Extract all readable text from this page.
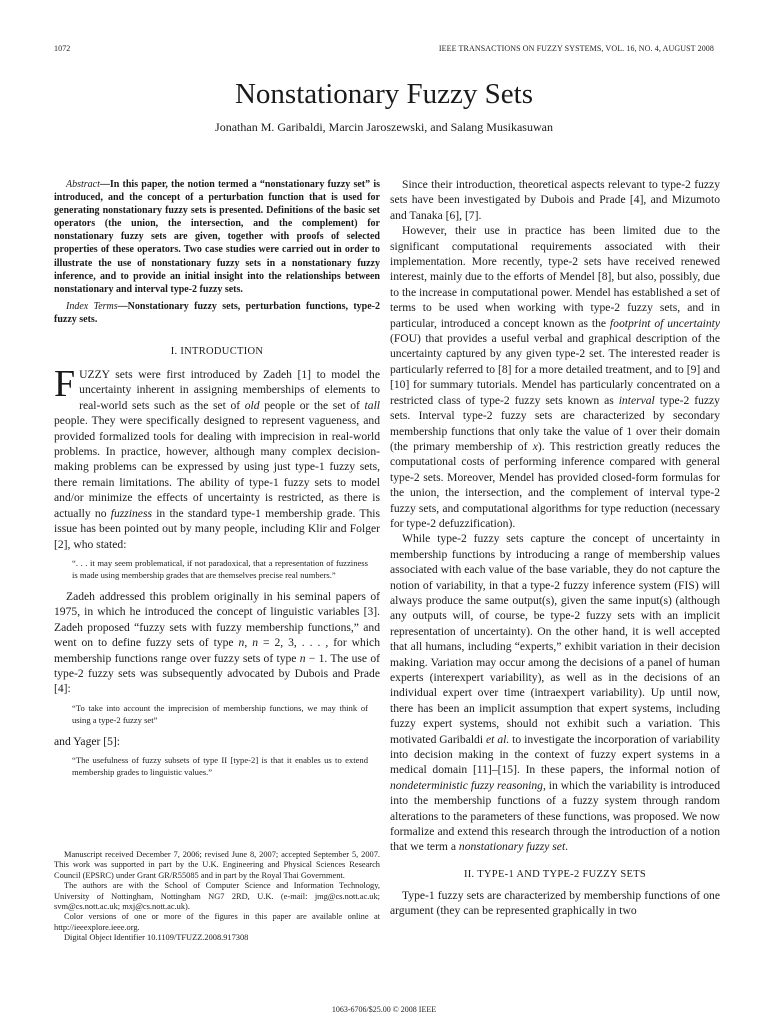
1072	IEEE TRANSACTIONS ON FUZZY SYSTEMS, VOL. 16, NO. 4, AUGUST 2008
Nonstationary Fuzzy Sets
Jonathan M. Garibaldi, Marcin Jaroszewski, and Salang Musikasuwan

Abstract—In this paper, the notion termed a “nonstationary fuzzy set” is introduced, and the concept of a perturbation function that is used for generating nonstationary fuzzy sets is presented. Definitions of the basic set operators (the union, the intersection, and the complement) for nonstationary fuzzy sets are given, together with proofs of selected properties of these operators. Two case studies were carried out in order to illustrate the use of nonstationary fuzzy sets in a nonstationary fuzzy inference, and to provide an initial insight into the relationships between nonstationary and interval type-2 fuzzy sets.

Index Terms—Nonstationary fuzzy sets, perturbation functions, type-2 fuzzy sets.

I. INTRODUCTION

FUZZY sets were first introduced by Zadeh [1] to model the uncertainty inherent in assigning memberships of elements to real-world sets such as the set of old people or the set of tall people. They were specifically designed to represent vagueness, and provided formalized tools for dealing with imprecision in real-world problems. In practice, however, although many complex decision-making problems can be expressed by using just type-1 fuzzy sets, there remain limitations. The ability of type-1 fuzzy sets to model and/or minimize the effects of uncertainty is restricted, as there is actually no fuzziness in the standard type-1 membership grade. This issue has been pointed out by many people, including Klir and Folger [2], who stated:

“. . . it may seem problematical, if not paradoxical, that a representation of fuzziness is made using membership grades that are themselves precise real numbers.”

Zadeh addressed this problem originally in his seminal papers of 1975, in which he introduced the concept of linguistic variables [3]. Zadeh proposed “fuzzy sets with fuzzy membership functions,” and went on to define fuzzy sets of type n, n = 2, 3, . . . , for which membership functions range over fuzzy sets of type n − 1. The use of type-2 fuzzy sets was subsequently advocated by Dubois and Prade [4]:

“To take into account the imprecision of membership functions, we may think of using a type-2 fuzzy set”

and Yager [5]:

“The usefulness of fuzzy subsets of type II [type-2] is that it enables us to extend membership grades to linguistic values.”

Manuscript received December 7, 2006; revised June 8, 2007; accepted September 5, 2007. This work was supported in part by the U.K. Engineering and Physical Sciences Research Council (EPSRC) under Grant GR/R55085 and in part by the Royal Thai Government.

The authors are with the School of Computer Science and Information Technology, University of Nottingham, Nottingham NG7 2RD, U.K. (e-mail: jmg@cs.nott.ac.uk; svm@cs.nott.ac.uk; mxj@cs.nott.ac.uk).

Color versions of one or more of the figures in this paper are available online at http://ieeexplore.ieee.org.

Digital Object Identifier 10.1109/TFUZZ.2008.917308

Since their introduction, theoretical aspects relevant to type-2 fuzzy sets have been investigated by Dubois and Prade [4], and Mizumoto and Tanaka [6], [7].

However, their use in practice has been limited due to the significant computational requirements associated with their implementation. More recently, type-2 sets have received renewed interest, mainly due to the efforts of Mendel [8], but also, possibly, due to the increase in computational power. Mendel has established a set of terms to be used when working with type-2 fuzzy sets, and in particular, introduced a concept known as the footprint of uncertainty (FOU) that provides a useful verbal and graphical description of the uncertainty captured by any given type-2 set. The interested reader is particularly referred to [8] for a more detailed treatment, and to [9] and [10] for summary tutorials. Mendel has particularly concentrated on a restricted class of type-2 fuzzy sets known as interval type-2 fuzzy sets. Interval type-2 fuzzy sets are characterized by secondary membership functions that only take the value of 1 over their domain (the primary membership of x). This restriction greatly reduces the computational costs of performing inference compared with general type-2 sets. Moreover, Mendel has provided closed-form formulas for the union, the intersection, and the complement of interval type-2 fuzzy sets, and computational algorithms for type reduction (necessary for type-2 defuzzification).

While type-2 fuzzy sets capture the concept of uncertainty in membership functions by introducing a range of membership values associated with each value of the base variable, they do not capture the notion of variability, in that a type-2 fuzzy inference system (FIS) will always produce the same output(s), given the same input(s) (although any outputs will, of course, be type-2 fuzzy sets with an implicit representation of uncertainty). On the other hand, it is well accepted that all humans, including “experts,” exhibit variation in their decision making. Variation may occur among the decisions of a panel of human experts (interexpert variability), as well as in the decisions of an individual expert over time (intraexpert variability). Up until now, there has been an implicit assumption that expert systems, including fuzzy expert systems, should not exhibit such a variation. This motivated Garibaldi et al. to investigate the incorporation of variability into decision making in the context of fuzzy expert systems in a medical domain [11]–[15]. In these papers, the informal notion of nondeterministic fuzzy reasoning, in which the variability is introduced into the membership functions of a fuzzy system through random alterations to the parameters of these functions, was proposed. We now formalize and extend this research through the introduction of a notion that we term a nonstationary fuzzy set.

II. TYPE-1 AND TYPE-2 FUZZY SETS

Type-1 fuzzy sets are characterized by membership functions of one argument (they can be represented graphically in two

1063-6706/$25.00 © 2008 IEEE
